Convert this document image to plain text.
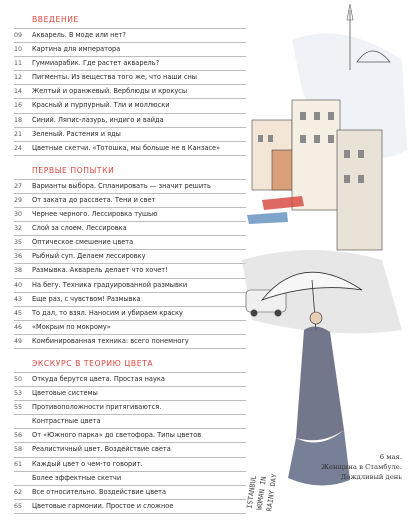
ВВЕДЕНИЕ
09	Акварель. В моде или нет?
10	Картина для императора
11	Гуммиарабик. Где растет акварель?
12	Пигменты. Из вещества того же, что наши сны
14	Желтый и оранжевый. Верблюды и крокусы
16	Красный и пурпурный. Тли и моллюски
18	Синий. Ляпис-лазурь, индиго и вайда
21	Зеленый. Растения и яды
24	Цветные скетчи. «Тотошка, мы больше не в Канзасе»
ПЕРВЫЕ ПОПЫТКИ
27	Варианты выбора. Спланировать — значит решить
29	От заката до рассвета. Тени и свет
30	Чернее черного. Лессировка тушью
32	Слой за слоем. Лессировка
35	Оптическое смешение цвета
36	Рыбный суп. Делаем лессировку
38	Размывка. Акварель делает что хочет!
40	На бегу. Техника градуированной размывки
43	Еще раз, с чувством! Размывка
45	То дал, то взял. Наносим и убираем краску
46	«Мокрым по мокрому»
49	Комбинированная техника: всего понемногу
ЭКСКУРС В ТЕОРИЮ ЦВЕТА
50	Откуда берутся цвета. Простая наука
53	Цветовые системы
55	Противоположности притягиваются.
Контрастные цвета
56	От «Южного парка» до светофора. Типы цветов
58	Реалистичный цвет. Воздействие света
61	Каждый цвет о чем-то говорит.
Более эффектные скетчи
62	Все относительно. Воздействие цвета
65	Цветовые гармонии. Простое и сложное	ISTANBUL
WOMAN IN
RAINY DAY
6 мая.
Женщина в Стамбуле.
Дождливый день
